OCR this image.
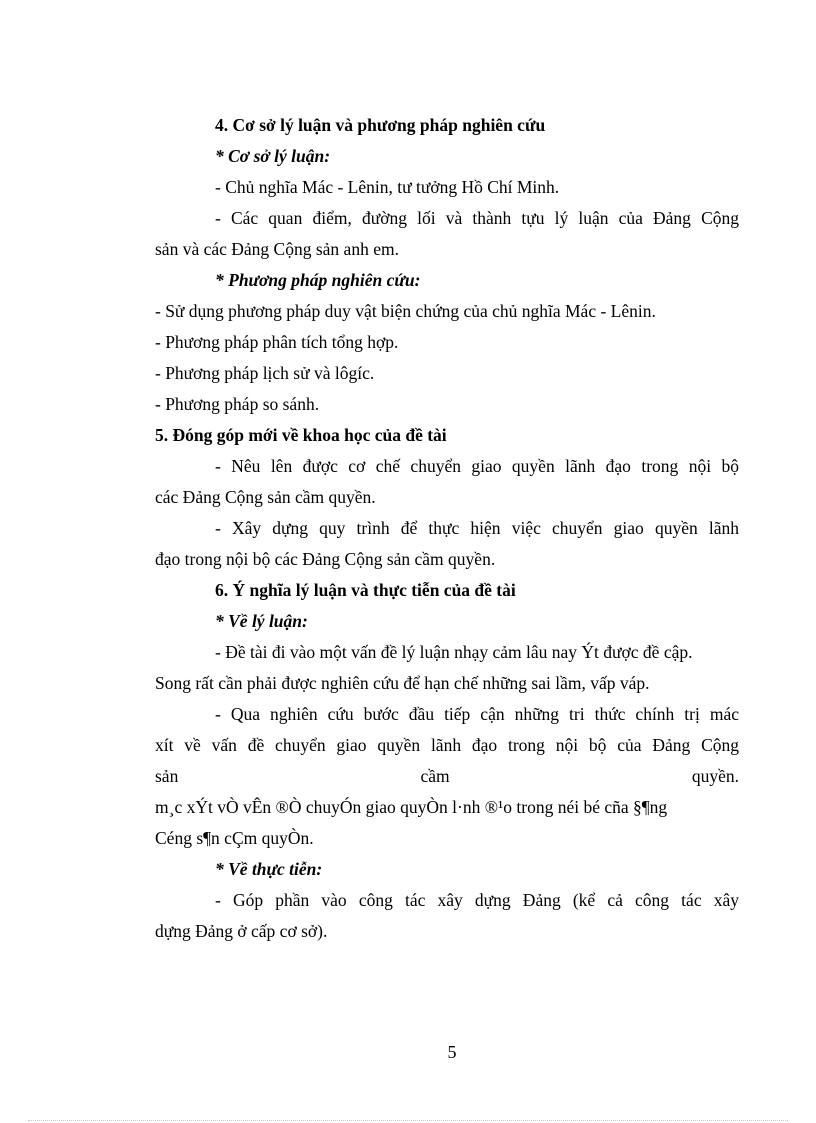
4. Cơ sở lý luận và phương pháp nghiên cứu
* Cơ sở lý luận:
- Chủ nghĩa Mác - Lênin, tư tưởng Hồ Chí Minh.
- Các quan điểm, đường lối và thành tựu lý luận của Đảng Cộng
sản và các Đảng Cộng sản anh em.
* Phương pháp nghiên cứu:
- Sử dụng phương pháp duy vật biện chứng của chủ nghĩa Mác - Lênin.
- Phương pháp phân tích tổng hợp.
- Phương pháp lịch sử và lôgíc.
- Phương pháp so sánh.
5. Đóng góp mới về khoa học của đề tài
- Nêu lên được cơ chế chuyển giao quyền lãnh đạo trong nội bộ
các Đảng Cộng sản cầm quyền.
- Xây dựng quy trình để thực hiện việc chuyển giao quyền lãnh
đạo trong nội bộ các Đảng Cộng sản cầm quyền.
6. Ý nghĩa lý luận và thực tiễn của đề tài
* Về lý luận:
- Đề tài đi vào một vấn đề lý luận nhạy cảm lâu nay Ýt được đề cập.
Song rất cần phải được nghiên cứu để hạn chế những sai lầm, vấp váp.
- Qua nghiên cứu bước đầu tiếp cận những tri thức chính trị mác
xít về vấn đề chuyển giao quyền lãnh đạo trong nội bộ của Đảng Cộng
sản	cầm	quyền.
m¸c xÝt vÒ vÊn ®Ò chuyÓn giao quyÒn l·nh ®¹o trong néi bé cña §¶ng
Céng s¶n cÇm quyÒn.
* Về thực tiễn:
- Góp phần vào công tác xây dựng Đảng (kể cả công tác xây
dựng Đảng ở cấp cơ sở).
5
